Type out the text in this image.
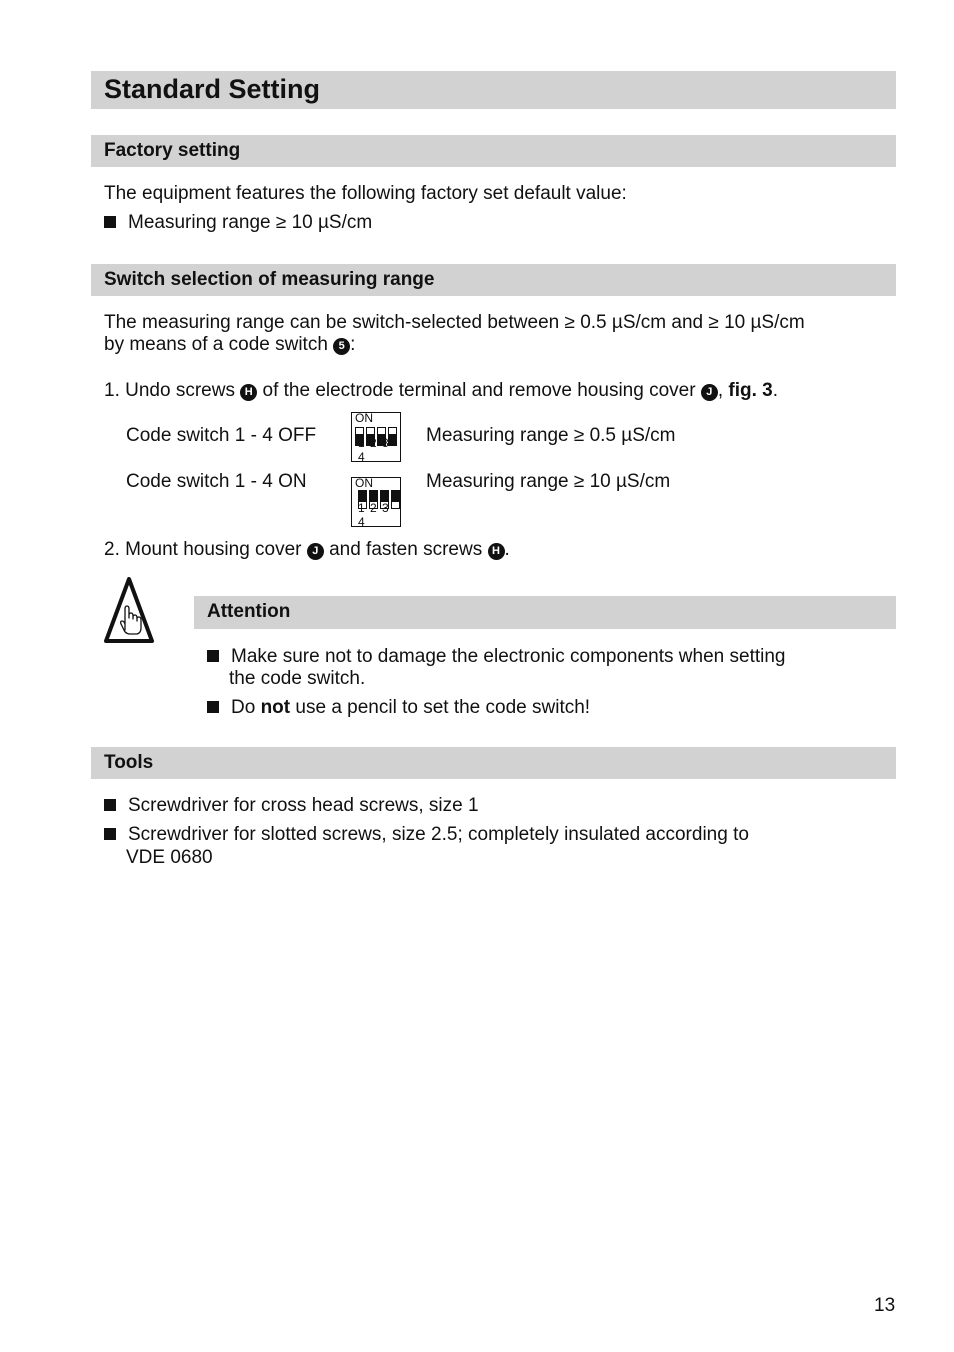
Standard Setting
Factory setting
The equipment features the following factory set default value:
Measuring range ≥ 10 µS/cm
Switch selection of measuring range
The measuring range can be switch-selected between ≥ 0.5 µS/cm and ≥ 10 µS/cm
by means of a code switch 5 :
1. Undo screws H of the electrode terminal and remove housing cover J , fig. 3.
Code switch 1 - 4 OFF
ON
1 2 3 4
Measuring range ≥ 0.5 µS/cm
Code switch 1 - 4 ON	ON
1 2 3 4
Measuring range ≥ 10 µS/cm
2. Mount housing cover J and fasten screws H .
Attention
Make sure not to damage the electronic components when setting
the code switch.
Do not use a pencil to set the code switch!
Tools
Screwdriver for cross head screws, size 1
Screwdriver for slotted screws, size 2.5; completely insulated according to
VDE 0680
13
